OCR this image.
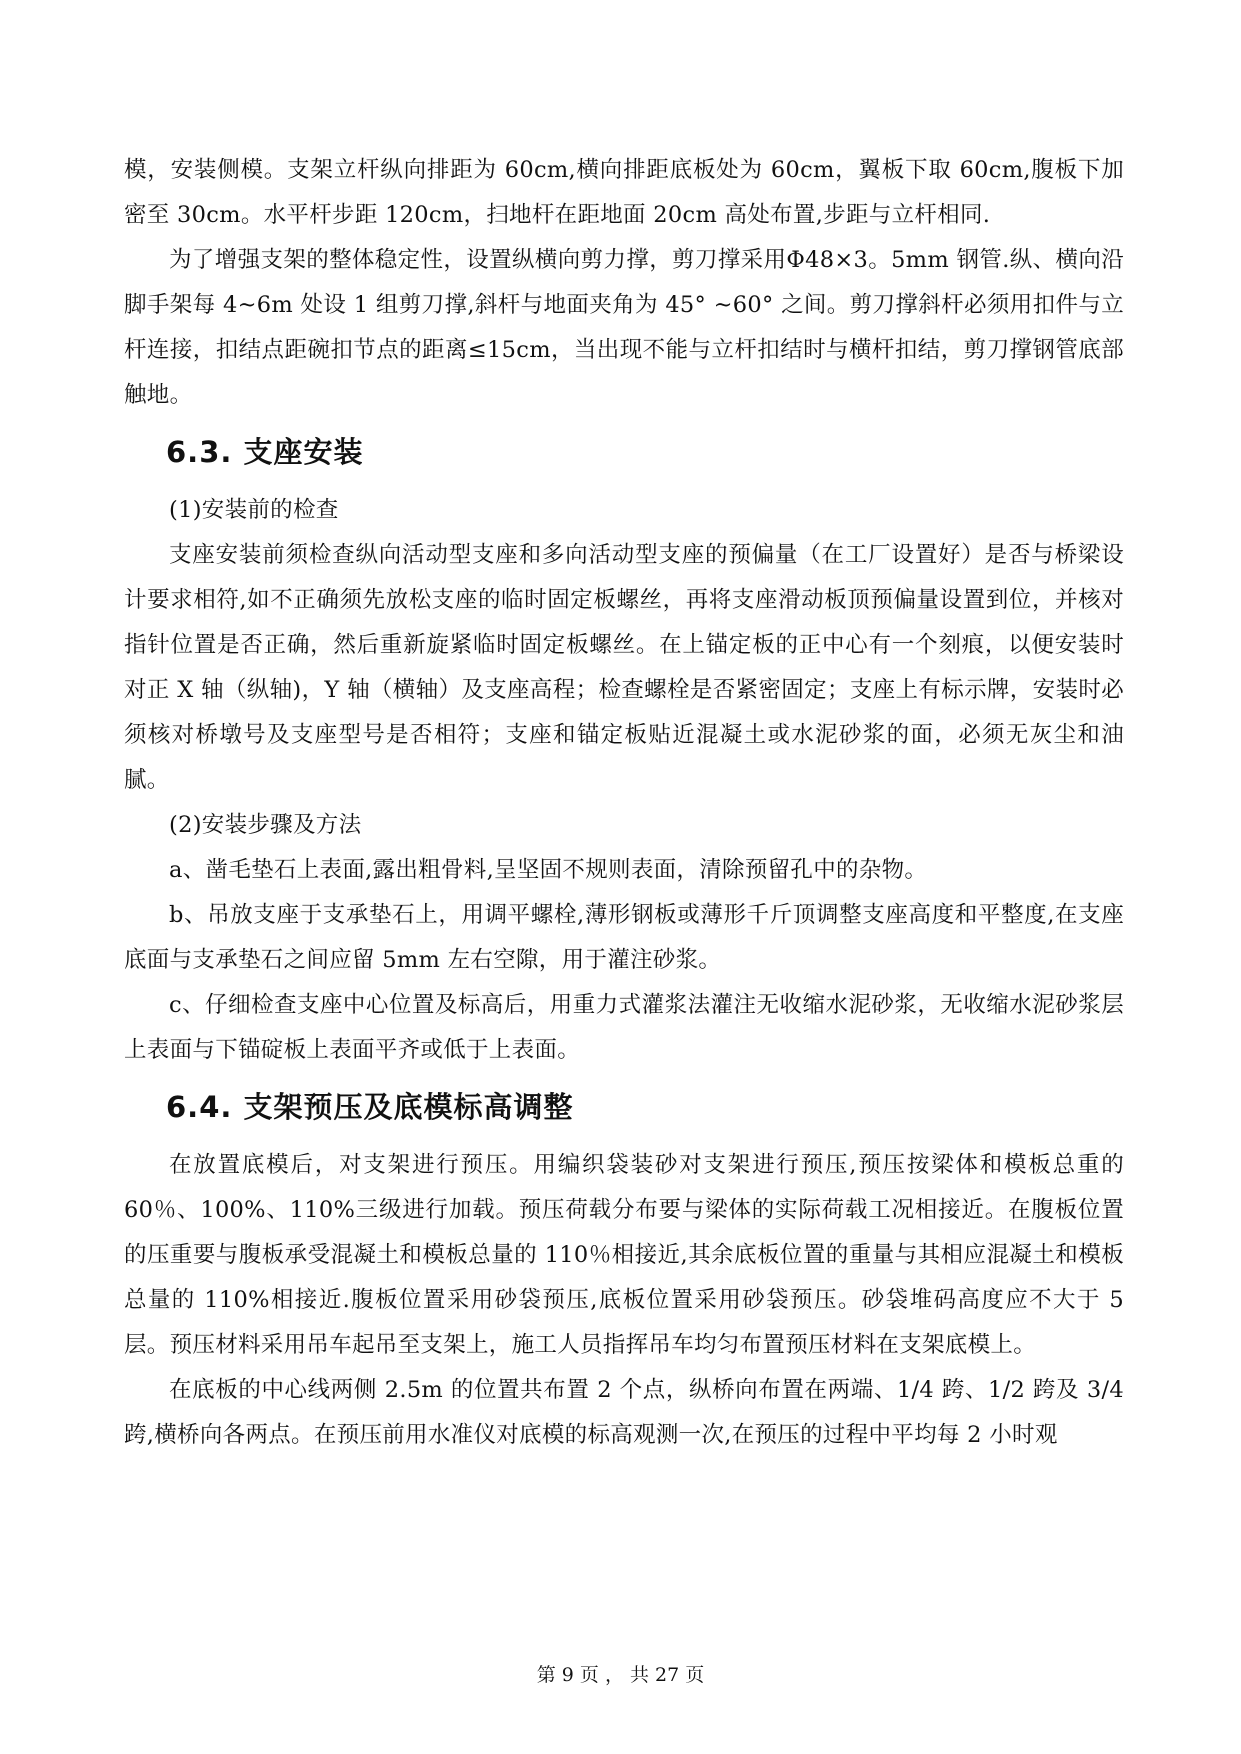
模，安装侧模。支架立杆纵向排距为 60cm,横向排距底板处为 60cm，翼板下取 60cm,腹板下加密至 30cm。水平杆步距 120cm，扫地杆在距地面 20cm 高处布置,步距与立杆相同.

为了增强支架的整体稳定性，设置纵横向剪力撑，剪刀撑采用Φ48×3。5mm 钢管.纵、横向沿脚手架每 4~6m 处设 1 组剪刀撑,斜杆与地面夹角为 45° ~60° 之间。剪刀撑斜杆必须用扣件与立杆连接，扣结点距碗扣节点的距离≤15cm，当出现不能与立杆扣结时与横杆扣结，剪刀撑钢管底部触地。

6.3. 支座安装

(1)安装前的检查

支座安装前须检查纵向活动型支座和多向活动型支座的预偏量（在工厂设置好）是否与桥梁设计要求相符,如不正确须先放松支座的临时固定板螺丝，再将支座滑动板顶预偏量设置到位，并核对指针位置是否正确，然后重新旋紧临时固定板螺丝。在上锚定板的正中心有一个刻痕，以便安装时对正 X 轴（纵轴)，Y 轴（横轴）及支座高程；检查螺栓是否紧密固定；支座上有标示牌，安装时必须核对桥墩号及支座型号是否相符；支座和锚定板贴近混凝土或水泥砂浆的面，必须无灰尘和油腻。

(2)安装步骤及方法

a、凿毛垫石上表面,露出粗骨料,呈坚固不规则表面，清除预留孔中的杂物。

b、吊放支座于支承垫石上，用调平螺栓,薄形钢板或薄形千斤顶调整支座高度和平整度,在支座底面与支承垫石之间应留 5mm 左右空隙，用于灌注砂浆。

c、仔细检查支座中心位置及标高后，用重力式灌浆法灌注无收缩水泥砂浆，无收缩水泥砂浆层上表面与下锚碇板上表面平齐或低于上表面。

6.4. 支架预压及底模标高调整

在放置底模后，对支架进行预压。用编织袋装砂对支架进行预压,预压按梁体和模板总重的 60％、100%、110%三级进行加载。预压荷载分布要与梁体的实际荷载工况相接近。在腹板位置的压重要与腹板承受混凝土和模板总量的 110％相接近,其余底板位置的重量与其相应混凝土和模板总量的 110%相接近.腹板位置采用砂袋预压,底板位置采用砂袋预压。砂袋堆码高度应不大于 5 层。预压材料采用吊车起吊至支架上，施工人员指挥吊车均匀布置预压材料在支架底模上。

在底板的中心线两侧 2.5m 的位置共布置 2 个点，纵桥向布置在两端、1/4 跨、1/2 跨及 3/4 跨,横桥向各两点。在预压前用水准仪对底模的标高观测一次,在预压的过程中平均每 2 小时观

第 9 页 ， 共 27 页
